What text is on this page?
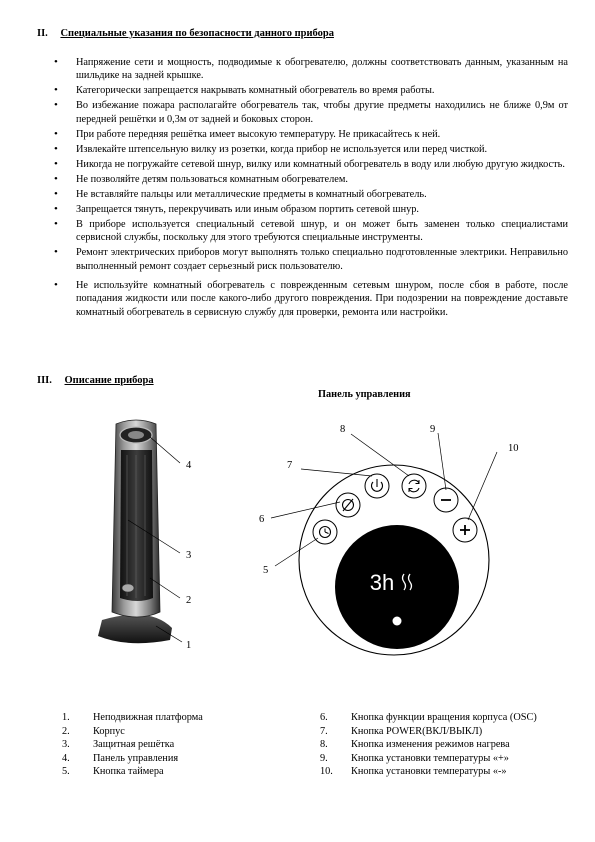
II. Специальные указания по безопасности данного прибора
• Напряжение сети и мощность, подводимые к обогревателю, должны соответствовать данным, указанным на шильдике на задней крышке.
• Категорически запрещается накрывать комнатный обогреватель во время работы.
• Во избежание пожара располагайте обогреватель так, чтобы другие предметы находились не ближе 0,9м от передней решётки и 0,3м от задней и боковых сторон.
• При работе передняя решётка имеет высокую температуру. Не прикасайтесь к ней.
• Извлекайте штепсельную вилку из розетки, когда прибор не используется или перед чисткой.
• Никогда не погружайте сетевой шнур, вилку или комнатный обогреватель в воду или любую другую жидкость.
• Не позволяйте детям пользоваться комнатным обогревателем.
• Не вставляйте пальцы или металлические предметы в комнатный обогреватель.
• Запрещается тянуть, перекручивать или иным образом портить сетевой шнур.
• В приборе используется специальный сетевой шнур, и он может быть заменен только специалистами сервисной службы, поскольку для этого требуются специальные инструменты.
• Ремонт электрических приборов могут выполнять только специально подготовленные электрики. Неправильно выполненный ремонт создает серьезный риск пользователю.
• Не используйте комнатный обогреватель с поврежденным сетевым шнуром, после сбоя в работе, после попадания жидкости или после какого-либо другого повреждения. При подозрении на повреждение доставьте комнатный обогреватель в сервисную службу для проверки, ремонта или настройки.
III. Описание прибора
Панель управления
4
3
2
1
3h
8	9
10
7
6
5
1.	Неподвижная платформа
2.	Корпус
3.	Защитная решётка
4.	Панель управления
5.	Кнопка таймера
6.	Кнопка функции вращения корпуса (OSC)
7.	Кнопка POWER(ВКЛ/ВЫКЛ)
8.	Кнопка изменения режимов нагрева
9.	Кнопка установки температуры «+»
10.	Кнопка установки температуры «-»
